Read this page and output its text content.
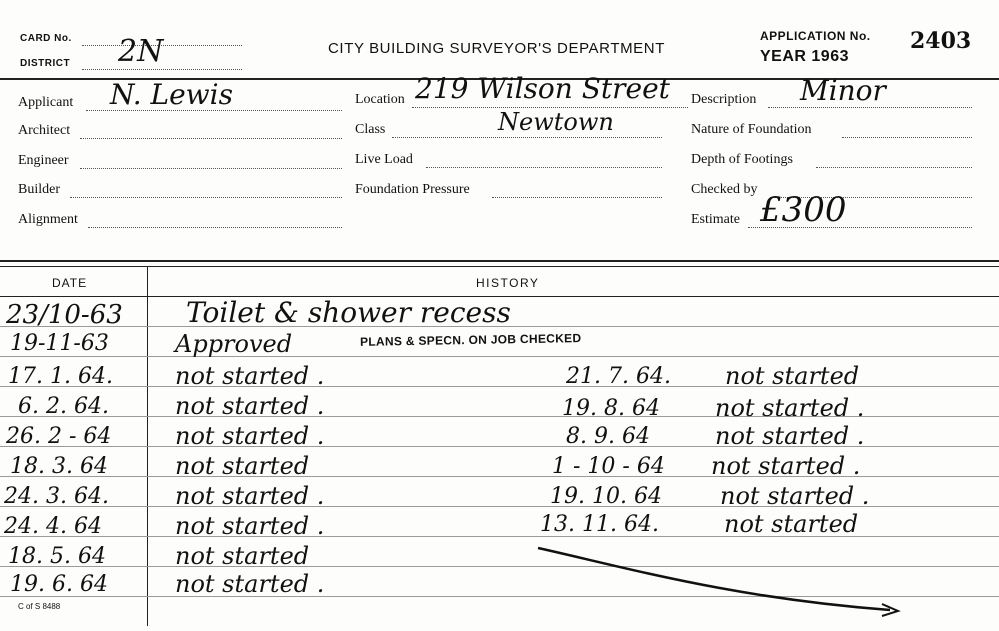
CARD No.
DISTRICT 2N	CITY BUILDING SURVEYOR'S DEPARTMENT
APPLICATION No. 2403
YEAR 1963
Applicant N. Lewis
Architect
Engineer
Builder
Alignment
Location 219 Wilson Street
Class	Newtown
Live Load
Foundation Pressure
Description Minor
Nature of Foundation
Depth of Footings
Checked by
Estimate £300
DATE	HISTORY
23/10-63 Toilet & shower recess
19-11-63	Approved
17. 1. 64.	not started .
6. 2. 64.	not started .
26. 2 - 64	not started .
18. 3. 64	not started
24. 3. 64.	not started .
24. 4. 64	not started .
18. 5. 64	not started
19. 6. 64	not started .
PLANS & SPECN. ON JOB CHECKED
21. 7. 64. not started
19. 8. 64 not started .
8. 9. 64	not started .
1 - 10 - 64 not started .
19. 10. 64 not started .
13. 11. 64.	not started
C of S 8488
